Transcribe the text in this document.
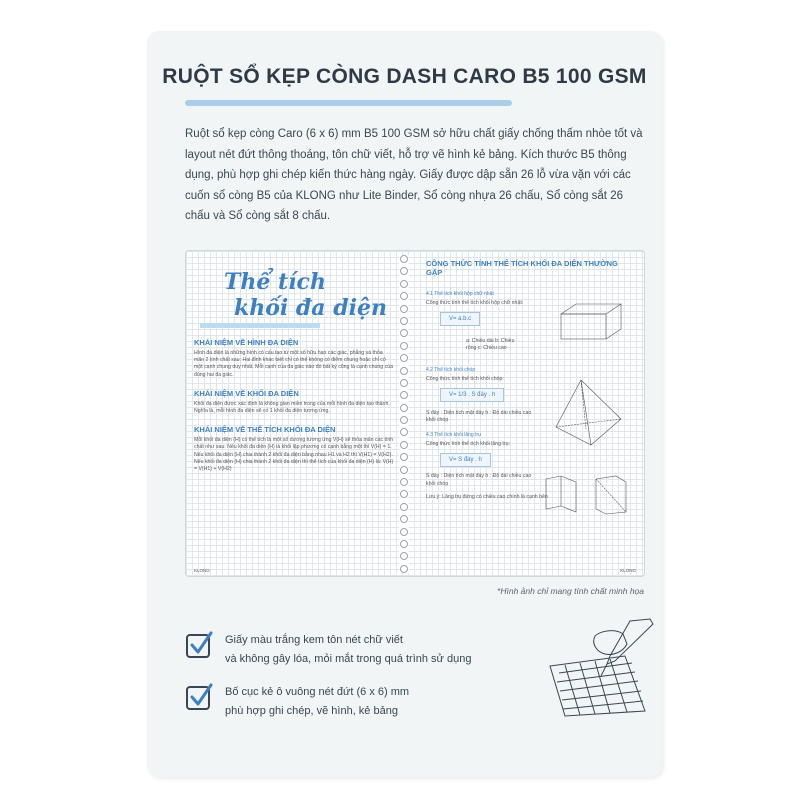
RUỘT SỔ KẸP CÒNG DASH CARO B5 100 GSM
Ruột sổ kẹp còng Caro (6 x 6) mm B5 100 GSM sở hữu chất giấy chống thấm nhòe tốt và layout nét đứt thông thoáng, tôn chữ viết, hỗ trợ vẽ hình kẻ bảng. Kích thước B5 thông dụng, phù hợp ghi chép kiến thức hàng ngày. Giấy được dập sẵn 26 lỗ vừa vặn với các cuốn sổ còng B5 của KLONG như Lite Binder, Sổ còng nhựa 26 chấu, Sổ còng sắt 26 chấu và Sổ còng sắt 8 chấu.
Thể tích
khối đa diện
KHÁI NIỆM VỀ HÌNH ĐA DIỆN
Hình đa diện là những hình có cấu tạo từ một số hữu hạn các giác, phẳng và thỏa mãn 2 tính chất sau: Hai đỉnh khác biệt chỉ có thể không có điểm chung hoặc chỉ có một cạnh chung duy nhất. Mỗi cạnh của đa giác nào đó bất kỳ cũng là cạnh chung của đúng hai đa giác.
KHÁI NIỆM VỀ KHỐI ĐA DIỆN
Khối đa diện được xác định là không gian miền trong của mỗi hình đa diện tạo thành. Nghĩa là, mỗi hình đa diện sẽ có 1 khối đa diện tương ứng.
KHÁI NIỆM VỀ THỂ TÍCH KHỐI ĐA DIỆN
Mỗi khối đa diện (H) có thể tích là một số dương tương ứng V(H) sẽ thỏa mãn các tính chất như sau: Nếu khối đa diện (H) là khối lập phương có cạnh bằng một thì V(H) = 1. Nếu khối đa diện (H) chia thành 2 khối đa diện bằng nhau H1 và H2 thì V(H1) = V(H2). Nếu khối đa diện (H) chia thành 2 khối đa diện thì thể tích của khối đa diện (H) là: V(H) = V(H1) + V(H2)
KLONG
CÔNG THỨC TÍNH THỂ TÍCH KHỐI ĐA DIỆN THƯỜNG GẶP
4.1 Thể tích khối hộp chữ nhật
Công thức tính thể tích khối hộp chữ nhật:
V= a.b.c
a: Chiều dài b: Chiều rộng c: Chiều cao
4.2 Thể tích khối chóp
Công thức tính thể tích khối chóp:
V= 1/3 . S đáy . h
S đáy : Diện tích mặt đáy h : Độ dài chiều cao khối chóp
4.3 Thể tích khối lăng trụ
Công thức tính thể tích khối lăng trụ:
V= S đáy . h
S đáy : Diện tích mặt đáy h : Độ dài chiều cao khối chóp
Lưu ý: Lăng trụ đứng có chiều cao chính là cạnh bên
KLONG
*Hình ảnh chỉ mang tính chất minh họa
Giấy màu trắng kem tôn nét chữ viết
và không gây lóa, mỏi mắt trong quá trình sử dụng
Bố cục kẻ ô vuông nét đứt (6 x 6) mm
phù hợp ghi chép, vẽ hình, kẻ bảng
